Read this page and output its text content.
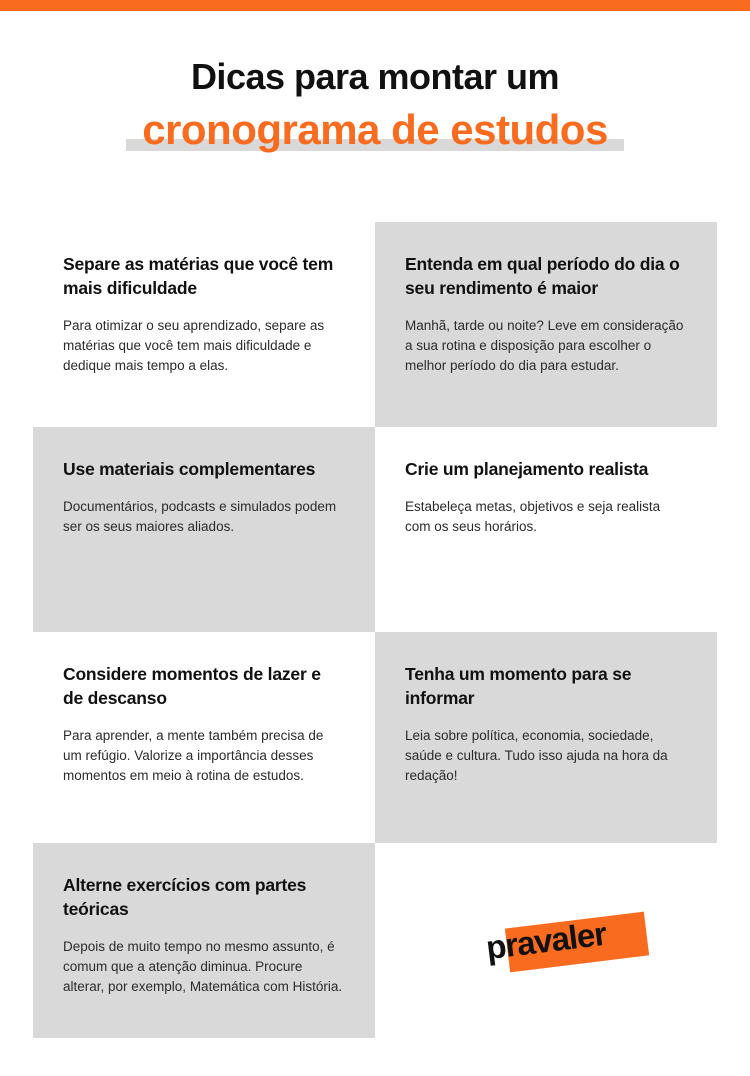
Dicas para montar um
cronograma de estudos
Separe as matérias que você tem mais dificuldade

Para otimizar o seu aprendizado, separe as matérias que você tem mais dificuldade e dedique mais tempo a elas.

Entenda em qual período do dia o seu rendimento é maior

Manhã, tarde ou noite? Leve em consideração a sua rotina e disposição para escolher o melhor período do dia para estudar.

Use materiais complementares

Documentários, podcasts e simulados podem ser os seus maiores aliados.

Crie um planejamento realista

Estabeleça metas, objetivos e seja realista com os seus horários.

Considere momentos de lazer e de descanso

Para aprender, a mente também precisa de um refúgio. Valorize a importância desses momentos em meio à rotina de estudos.

Tenha um momento para se informar

Leia sobre política, economia, sociedade, saúde e cultura. Tudo isso ajuda na hora da redação!

Alterne exercícios com partes teóricas

Depois de muito tempo no mesmo assunto, é comum que a atenção diminua. Procure alterar, por exemplo, Matemática com História.

pravaler
